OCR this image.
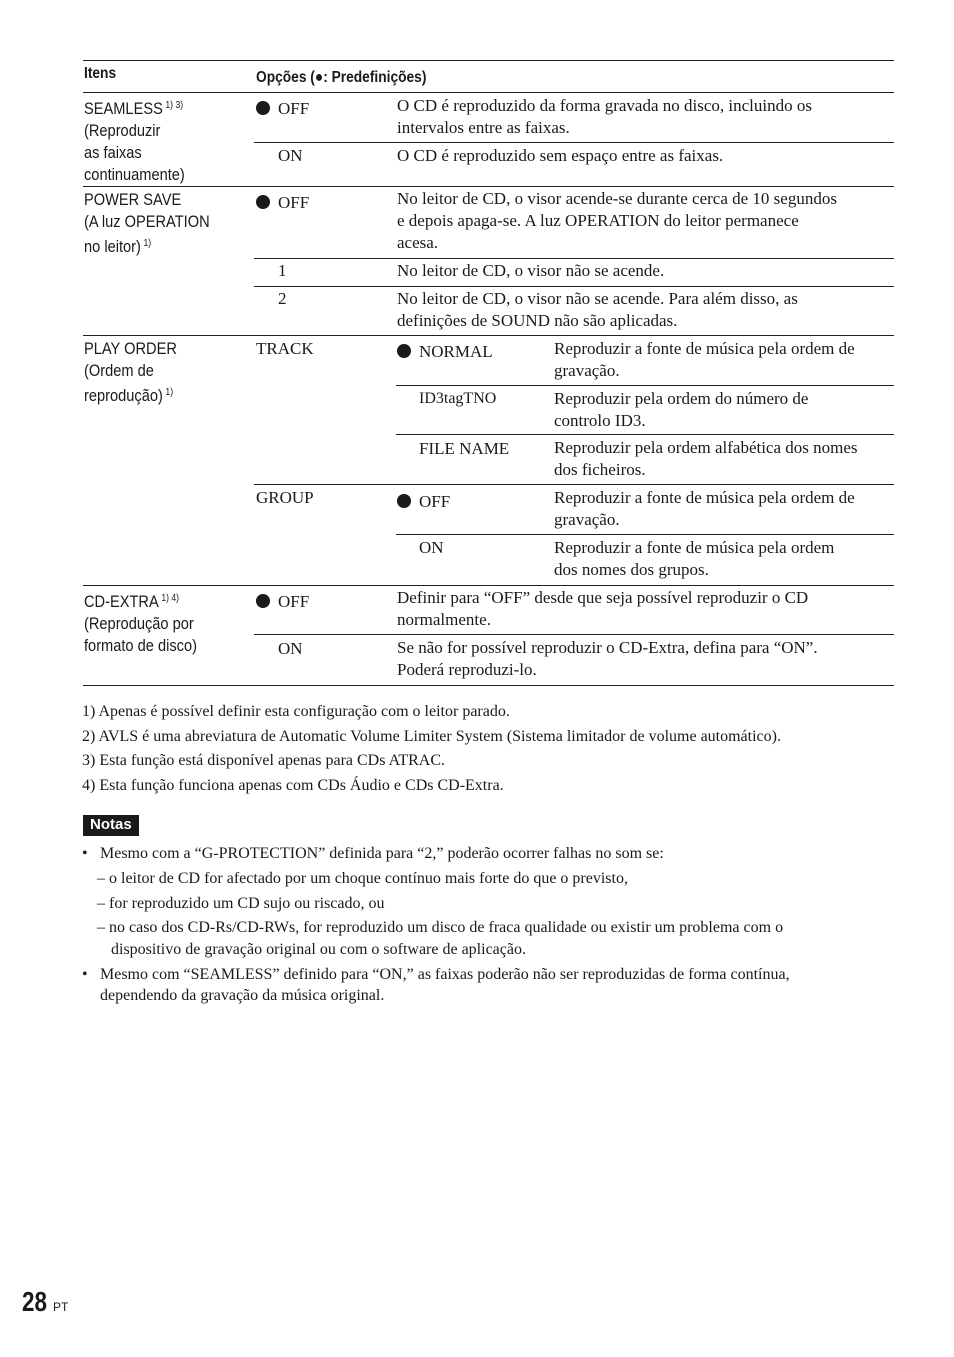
Itens	Opções (●: Predefinições)
SEAMLESS $^{1) 3)}$
(Reproduzir
as faixas
continuamente)
OFF	O CD é reproduzido da forma gravada no disco, incluindo os
intervalos entre as faixas.
ON	O CD é reproduzido sem espaço entre as faixas.
POWER SAVE
(A luz OPERATION
no leitor) $^{1)}$
OFF	No leitor de CD, o visor acende-se durante cerca de 10 segundos
e depois apaga-se. A luz OPERATION do leitor permanece
acesa.
1	No leitor de CD, o visor não se acende.
2	No leitor de CD, o visor não se acende. Para além disso, as
definições de SOUND não são aplicadas.
PLAY ORDER
(Ordem de
reprodução) $^{1)}$
TRACK	NORMAL	Reproduzir a fonte de música pela ordem de
gravação.
ID3tagTNO	Reproduzir pela ordem do número de
controlo ID3.
FILE NAME	Reproduzir pela ordem alfabética dos nomes
dos ficheiros.
GROUP	OFF	Reproduzir a fonte de música pela ordem de
gravação.
ON	Reproduzir a fonte de música pela ordem
dos nomes dos grupos.
CD-EXTRA $^{1) 4)}$
(Reprodução por
formato de disco)
OFF	Definir para “OFF” desde que seja possível reproduzir o CD
normalmente.
ON	Se não for possível reproduzir o CD-Extra, defina para “ON”.
Poderá reproduzi-lo.
1) Apenas é possível definir esta configuração com o leitor parado.
2) AVLS é uma abreviatura de Automatic Volume Limiter System (Sistema limitador de volume automático).
3) Esta função está disponível apenas para CDs ATRAC.
4) Esta função funciona apenas com CDs Áudio e CDs CD-Extra.
Notas
• Mesmo com a “G-PROTECTION” definida para “2,” poderão ocorrer falhas no som se:
– o leitor de CD for afectado por um choque contínuo mais forte do que o previsto,
– for reproduzido um CD sujo ou riscado, ou
– no caso dos CD-Rs/CD-RWs, for reproduzido um disco de fraca qualidade ou existir um problema com o
dispositivo de gravação original ou com o software de aplicação.
• Mesmo com “SEAMLESS” definido para “ON,” as faixas poderão não ser reproduzidas de forma contínua,
dependendo da gravação da música original.
28 PT
